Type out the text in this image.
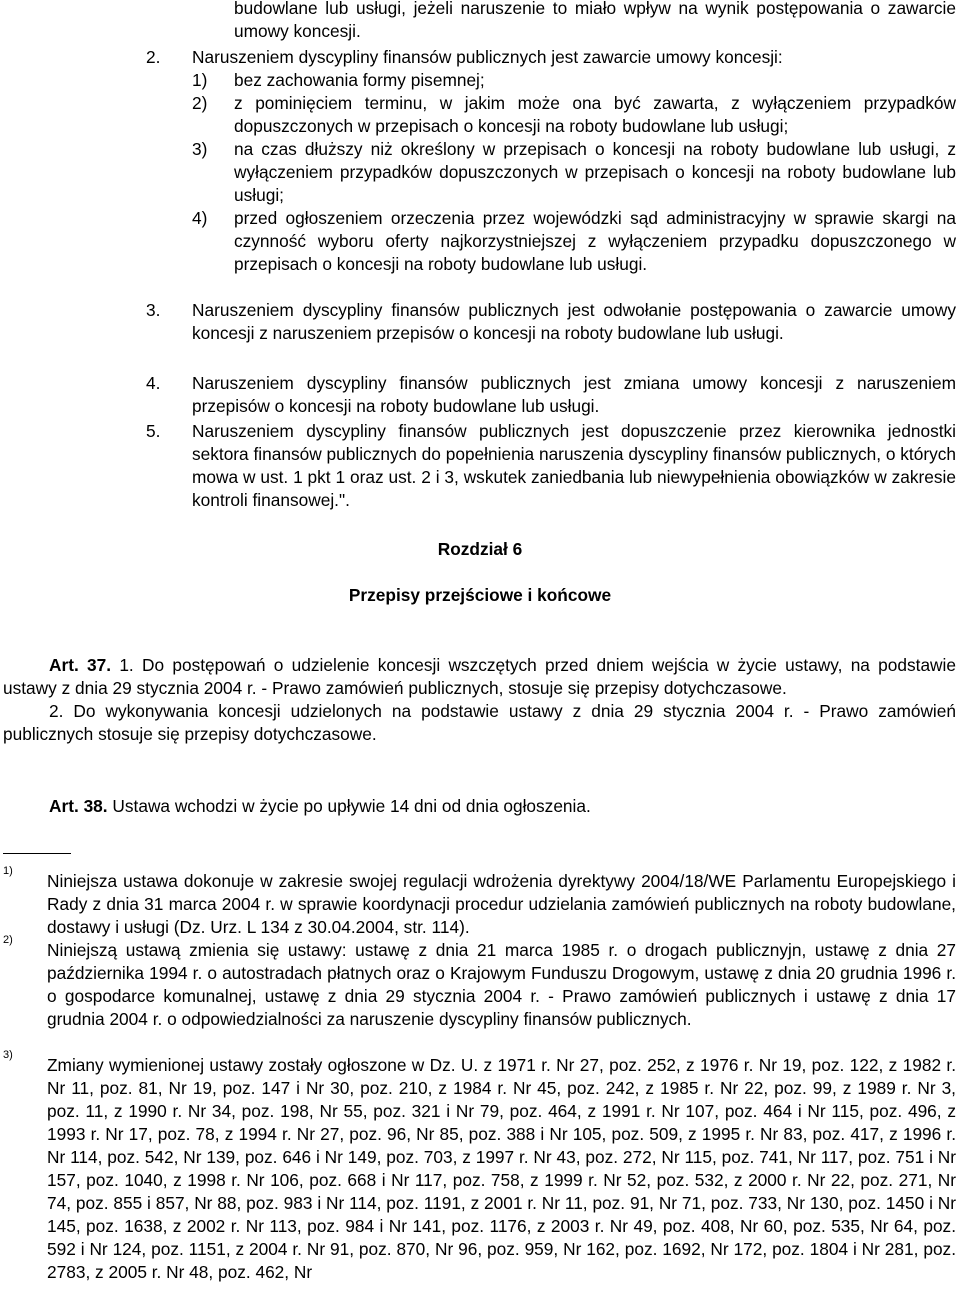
budowlane lub usługi, jeżeli naruszenie to miało wpływ na wynik postępowania o zawarcie umowy koncesji.

2. Naruszeniem dyscypliny finansów publicznych jest zawarcie umowy koncesji:

1) bez zachowania formy pisemnej;
2) z pominięciem terminu, w jakim może ona być zawarta, z wyłączeniem przypadków dopuszczonych w przepisach o koncesji na roboty budowlane lub usługi;
3) na czas dłuższy niż określony w przepisach o koncesji na roboty budowlane lub usługi, z wyłączeniem przypadków dopuszczonych w przepisach o koncesji na roboty budowlane lub usługi;
4) przed ogłoszeniem orzeczenia przez wojewódzki sąd administracyjny w sprawie skargi na czynność wyboru oferty najkorzystniejszej z wyłączeniem przypadku dopuszczonego w przepisach o koncesji na roboty budowlane lub usługi.
3. Naruszeniem dyscypliny finansów publicznych jest odwołanie postępowania o zawarcie umowy koncesji z naruszeniem przepisów o koncesji na roboty budowlane lub usługi.

4. Naruszeniem dyscypliny finansów publicznych jest zmiana umowy koncesji z naruszeniem przepisów o koncesji na roboty budowlane lub usługi.

5. Naruszeniem dyscypliny finansów publicznych jest dopuszczenie przez kierownika jednostki sektora finansów publicznych do popełnienia naruszenia dyscypliny finansów publicznych, o których mowa w ust. 1 pkt 1 oraz ust. 2 i 3, wskutek zaniedbania lub niewypełnienia obowiązków w zakresie kontroli finansowej.".

Rozdział 6
Przepisy przejściowe i końcowe

Art. 37. 1. Do postępowań o udzielenie koncesji wszczętych przed dniem wejścia w życie ustawy, na podstawie ustawy z dnia 29 stycznia 2004 r. - Prawo zamówień publicznych, stosuje się przepisy dotychczasowe.

2. Do wykonywania koncesji udzielonych na podstawie ustawy z dnia 29 stycznia 2004 r. - Prawo zamówień publicznych stosuje się przepisy dotychczasowe.

Art. 38. Ustawa wchodzi w życie po upływie 14 dni od dnia ogłoszenia.
1) Niniejsza ustawa dokonuje w zakresie swojej regulacji wdrożenia dyrektywy 2004/18/WE Parlamentu Europejskiego i Rady z dnia 31 marca 2004 r. w sprawie koordynacji procedur udzielania zamówień publicznych na roboty budowlane, dostawy i usługi (Dz. Urz. L 134 z 30.04.2004, str. 114).

2) Niniejszą ustawą zmienia się ustawy: ustawę z dnia 21 marca 1985 r. o drogach publicznyjn, ustawę z dnia 27 października 1994 r. o autostradach płatnych oraz o Krajowym Funduszu Drogowym, ustawę z dnia 20 grudnia 1996 r. o gospodarce komunalnej, ustawę z dnia 29 stycznia 2004 r. - Prawo zamówień publicznych i ustawę z dnia 17 grudnia 2004 r. o odpowiedzialności za naruszenie dyscypliny finansów publicznych.

3) Zmiany wymienionej ustawy zostały ogłoszone w Dz. U. z 1971 r. Nr 27, poz. 252, z 1976 r. Nr 19, poz. 122, z 1982 r. Nr 11, poz. 81, Nr 19, poz. 147 i Nr 30, poz. 210, z 1984 r. Nr 45, poz. 242, z 1985 r. Nr 22, poz. 99, z 1989 r. Nr 3, poz. 11, z 1990 r. Nr 34, poz. 198, Nr 55, poz. 321 i Nr 79, poz. 464, z 1991 r. Nr 107, poz. 464 i Nr 115, poz. 496, z 1993 r. Nr 17, poz. 78, z 1994 r. Nr 27, poz. 96, Nr 85, poz. 388 i Nr 105, poz. 509, z 1995 r. Nr 83, poz. 417, z 1996 r. Nr 114, poz. 542, Nr 139, poz. 646 i Nr 149, poz. 703, z 1997 r. Nr 43, poz. 272, Nr 115, poz. 741, Nr 117, poz. 751 i Nr 157, poz. 1040, z 1998 r. Nr 106, poz. 668 i Nr 117, poz. 758, z 1999 r. Nr 52, poz. 532, z 2000 r. Nr 22, poz. 271, Nr 74, poz. 855 i 857, Nr 88, poz. 983 i Nr 114, poz. 1191, z 2001 r. Nr 11, poz. 91, Nr 71, poz. 733, Nr 130, poz. 1450 i Nr 145, poz. 1638, z 2002 r. Nr 113, poz. 984 i Nr 141, poz. 1176, z 2003 r. Nr 49, poz. 408, Nr 60, poz. 535, Nr 64, poz. 592 i Nr 124, poz. 1151, z 2004 r. Nr 91, poz. 870, Nr 96, poz. 959, Nr 162, poz. 1692, Nr 172, poz. 1804 i Nr 281, poz. 2783, z 2005 r. Nr 48, poz. 462, Nr
